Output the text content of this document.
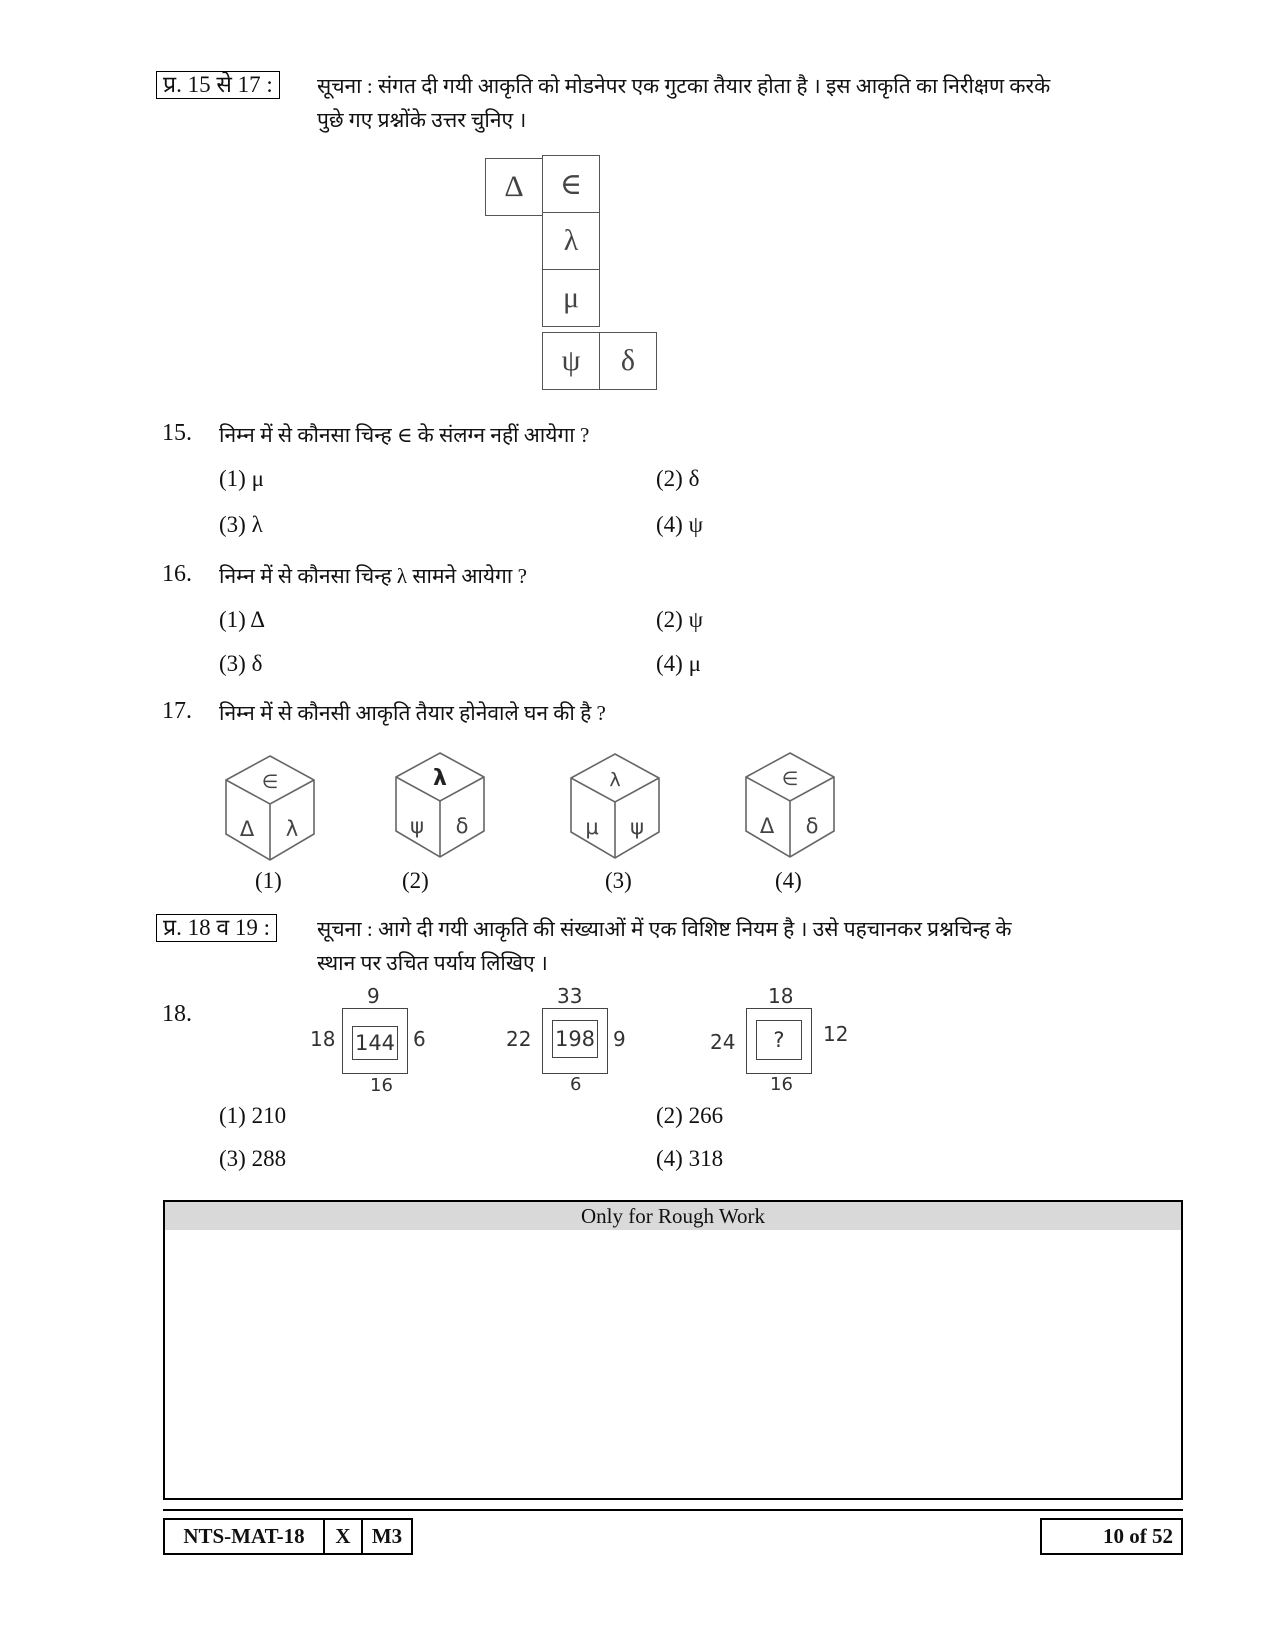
प्र. 15 से 17 :	सूचना : संगत दी गयी आकृति को मोडनेपर एक गुटका तैयार होता है । इस आकृति का निरीक्षण करके
पुछे गए प्रश्नोंके उत्तर चुनिए ।
Δ	∈
λ
μ
ψ	δ
15. निम्न में से कौनसा चिन्ह ∈ के संलग्न नहीं आयेगा ?
(1) μ	(2) δ
(3) λ	(4) ψ
16. निम्न में से कौनसा चिन्ह λ सामने आयेगा ?
(1) Δ	(2) ψ
(3) δ	(4) μ
17. निम्न में से कौनसी आकृति तैयार होनेवाले घन की है ?
∈
Δ λ
(1)
λ
ψ δ
(2)
λ
μ ψ
(3)
∈
Δ δ
(4)
प्र. 18 व 19 :	सूचना : आगे दी गयी आकृति की संख्याओं में एक विशिष्ट नियम है । उसे पहचानकर प्रश्नचिन्ह के
स्थान पर उचित पर्याय लिखिए ।
18.
144
9
18	6
16
198
33
22	9
6
?
18
24	12
16
(1) 210	(2) 266
(3) 288	(4) 318
Only for Rough Work
NTS-MAT-18	X	M3	10 of 52
